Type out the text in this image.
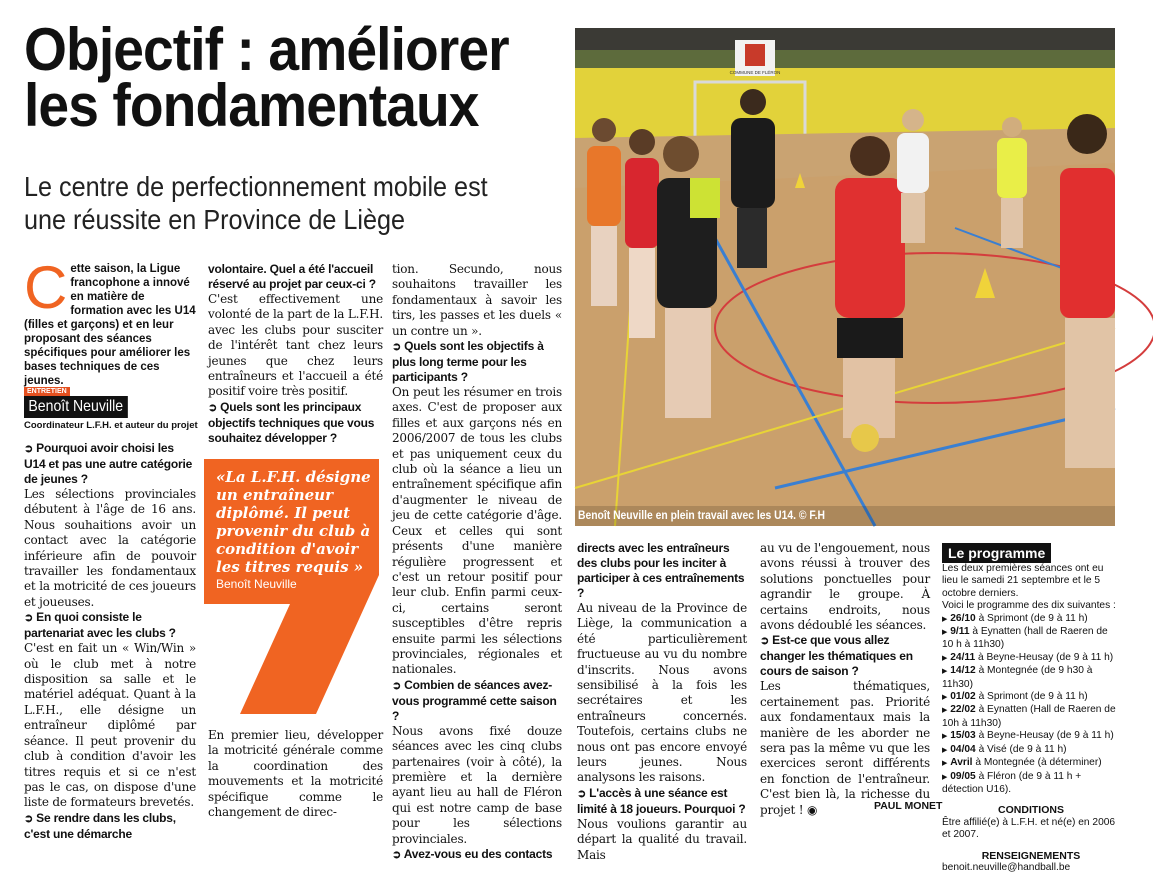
Objectif : améliorer les fondamentaux
Le centre de perfectionnement mobile est une réussite en Province de Liège
Cette saison, la Ligue francophone a innové en matière de formation avec les U14 (filles et garçons) et en leur proposant des séances spécifiques pour améliorer les bases techniques de ces jeunes.
ENTRETIEN
Benoît Neuville
Coordinateur L.F.H. et auteur du projet
➲ Pourquoi avoir choisi les U14 et pas une autre catégorie de jeunes ?

Les sélections provinciales débutent à l'âge de 16 ans. Nous souhaitions avoir un contact avec la catégorie inférieure afin de pouvoir travailler les fondamentaux et la motricité de ces joueurs et joueuses.

➲ En quoi consiste le partenariat avec les clubs ?

C'est en fait un « Win/Win » où le club met à notre disposition sa salle et le matériel adéquat. Quant à la L.F.H., elle désigne un entraîneur diplômé par séance. Il peut provenir du club à condition d'avoir les titres requis et si ce n'est pas le cas, on dispose d'une liste de formateurs brevetés.

➲ Se rendre dans les clubs, c'est une démarche
volontaire. Quel a été l'accueil réservé au projet par ceux-ci ?

C'est effectivement une volonté de la part de la L.F.H. avec les clubs pour susciter de l'intérêt tant chez leurs jeunes que chez leurs entraîneurs et l'accueil a été positif voire très positif.

➲ Quels sont les principaux objectifs techniques que vous souhaitez développer ?
«La L.F.H. désigne un entraîneur diplômé. Il peut provenir du club à condition d'avoir les titres requis »
Benoît Neuville

En premier lieu, développer la motricité générale comme la coordination des mouvements et la motricité spécifique comme le changement de direc-

tion. Secundo, nous souhaitons travailler les fondamentaux à savoir les tirs, les passes et les duels « un contre un ».

➲ Quels sont les objectifs à plus long terme pour les participants ?

On peut les résumer en trois axes. C'est de proposer aux filles et aux garçons nés en 2006/2007 de tous les clubs et pas uniquement ceux du club où la séance a lieu un entraînement spécifique afin d'augmenter le niveau de jeu de cette catégorie d'âge. Ceux et celles qui sont présents d'une manière régulière progressent et c'est un retour positif pour leur club. Enfin parmi ceux-ci, certains seront susceptibles d'être repris ensuite parmi les sélections provinciales, régionales et nationales.

➲ Combien de séances avez-vous programmé cette saison ?

Nous avons fixé douze séances avec les cinq clubs partenaires (voir à côté), la première et la dernière ayant lieu au hall de Fléron qui est notre camp de base pour les sélections provinciales.

➲ Avez-vous eu des contacts
COMMUNE DE FLÉRON
Benoît Neuville en plein travail avec les U14. © F.H
directs avec les entraîneurs des clubs pour les inciter à participer à ces entraînements ?

Au niveau de la Province de Liège, la communication a été particulièrement fructueuse au vu du nombre d'inscrits. Nous avons sensibilisé à la fois les secrétaires et les entraîneurs concernés. Toutefois, certains clubs ne nous ont pas encore envoyé leurs jeunes. Nous analysons les raisons.

➲ L'accès à une séance est limité à 18 joueurs. Pourquoi ?

Nous voulions garantir au départ la qualité du travail. Mais

au vu de l'engouement, nous avons réussi à trouver des solutions ponctuelles pour agrandir le groupe. À certains endroits, nous avons dédoublé les séances.

➲ Est-ce que vous allez changer les thématiques en cours de saison ?

Les thématiques, certainement pas. Priorité aux fondamentaux mais la manière de les aborder ne sera pas la même vu que les exercices seront différents en fonction de l'entraîneur. C'est bien là, la richesse du projet ! ◉	PAUL MONET
Le programme

Les deux premières séances ont eu lieu le samedi 21 septembre et le 5 octobre derniers.

Voici le programme des dix suivantes :

▶ 26/10 à Sprimont (de 9 à 11 h)
▶ 9/11 à Eynatten (hall de Raeren de 10 h à 11h30)
▶ 24/11 à Beyne-Heusay (de 9 à 11 h)
▶ 14/12 à Montegnée (de 9 h30 à 11h30)
▶ 01/02 à Sprimont (de 9 à 11 h)
▶ 22/02 à Eynatten (Hall de Raeren de 10h à 11h30)
▶ 15/03 à Beyne-Heusay (de 9 à 11 h)
▶ 04/04 à Visé (de 9 à 11 h)
▶ Avril à Montegnée (à déterminer)
▶ 09/05 à Fléron (de 9 à 11 h + détection U16).
CONDITIONS

Être affilié(e) à L.F.H. et né(e) en 2006 et 2007.

RENSEIGNEMENTS

benoit.neuville@handball.be
